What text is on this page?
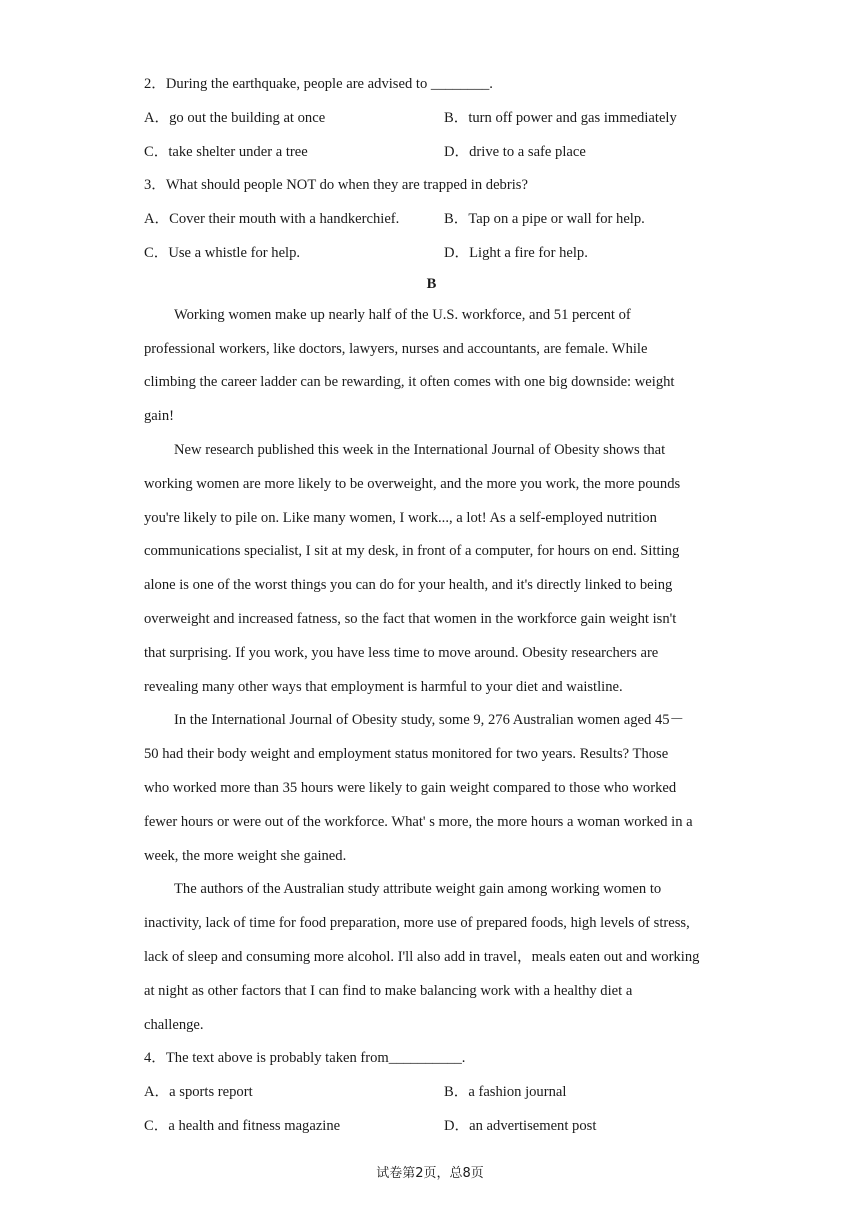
2．During the earthquake, people are advised to ________.
A．go out the building at once	B．turn off power and gas immediately
C．take shelter under a tree	D．drive to a safe place
3．What should people NOT do when they are trapped in debris?
A．Cover their mouth with a handkerchief.	B．Tap on a pipe or wall for help.
C．Use a whistle for help.	D．Light a fire for help.
B
Working women make up nearly half of the U.S. workforce, and 51 percent of
professional workers, like doctors, lawyers, nurses and accountants, are female. While
climbing the career ladder can be rewarding, it often comes with one big downside: weight
gain!
New research published this week in the International Journal of Obesity shows that
working women are more likely to be overweight, and the more you work, the more pounds
you're likely to pile on. Like many women, I work..., a lot! As a self-employed nutrition
communications specialist, I sit at my desk, in front of a computer, for hours on end. Sitting
alone is one of the worst things you can do for your health, and it's directly linked to being
overweight and increased fatness, so the fact that women in the workforce gain weight isn't
that surprising. If you work, you have less time to move around. Obesity researchers are
revealing many other ways that employment is harmful to your diet and waistline.
In the International Journal of Obesity study, some 9, 276 Australian women aged 45－
50 had their body weight and employment status monitored for two years. Results? Those
who worked more than 35 hours were likely to gain weight compared to those who worked
fewer hours or were out of the workforce. What' s more, the more hours a woman worked in a
week, the more weight she gained.
The authors of the Australian study attribute weight gain among working women to
inactivity, lack of time for food preparation, more use of prepared foods, high levels of stress,
lack of sleep and consuming more alcohol. I'll also add in travel，meals eaten out and working
at night as other factors that I can find to make balancing work with a healthy diet a
challenge.
4．The text above is probably taken from__________.
A．a sports report	B．a fashion journal
C．a health and fitness magazine	D．an advertisement post
试卷第2页，总8页
